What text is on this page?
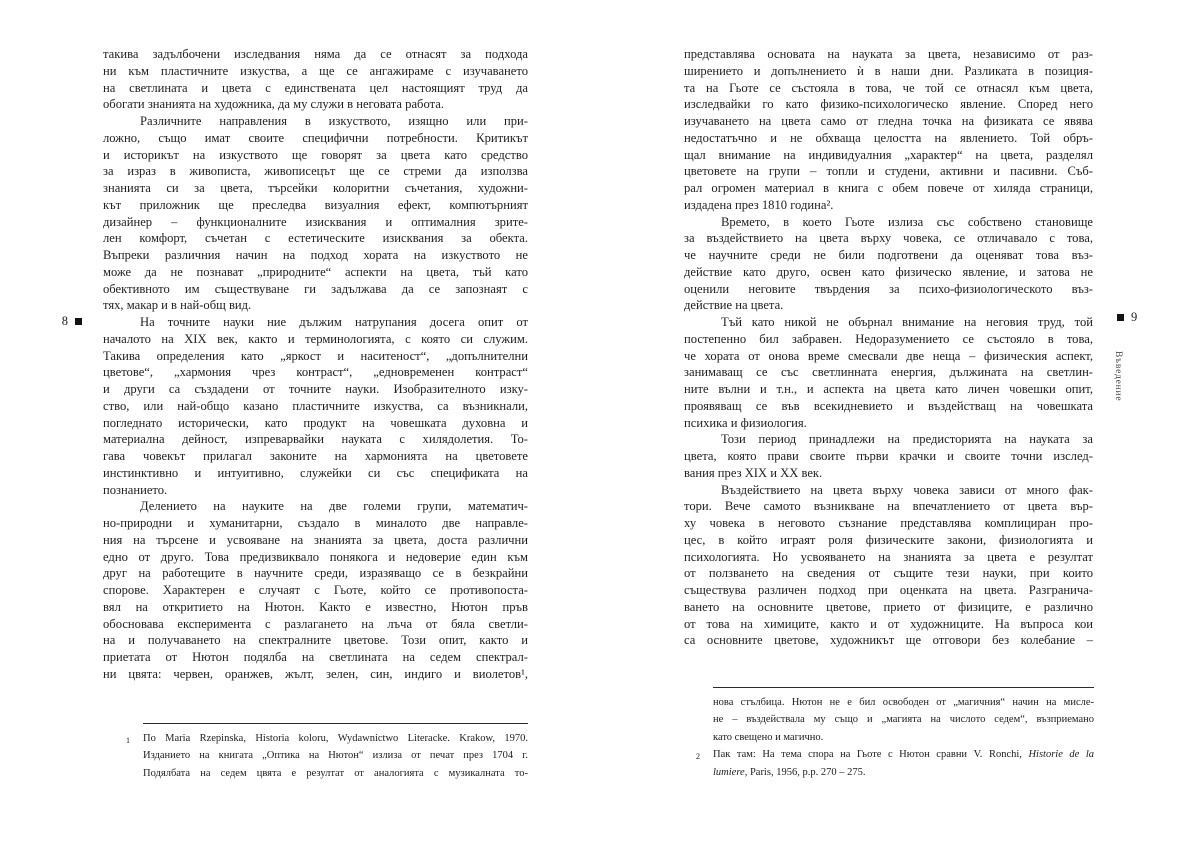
8
такива задълбочени изследвания няма да се отнасят за подхода
ни към пластичните изкуства, а ще се ангажираме с изучаването
на светлината и цвета с единствената цел настоящият труд да
обогати знанията на художника, да му служи в неговата работа.
Различните направления в изкуството, изящно или при-
ложно, също имат своите специфични потребности. Критикът
и историкът на изкуството ще говорят за цвета като средство
за израз в живописта, живописецът ще се стреми да използва
знанията си за цвета, търсейки колоритни съчетания, художни-
кът приложник ще преследва визуалния ефект, компютърният
дизайнер – функционалните изисквания и оптималния зрите-
лен комфорт, съчетан с естетическите изисквания за обекта.
Въпреки различния начин на подход хората на изкуството не
може да не познават „природните“ аспекти на цвета, тъй като
обективното им съществуване ги задължава да се запознаят с
тях, макар и в най-общ вид.
На точните науки ние дължим натрупания досега опит от
началото на XIX век, както и терминологията, с която си служим.
Такива определения като „яркост и наситеност“, „допълнителни
цветове“, „хармония чрез контраст“, „едновременен контраст“
и други са създадени от точните науки. Изобразителното изку-
ство, или най-общо казано пластичните изкуства, са възникнали,
погледнато исторически, като продукт на човешката духовна и
материална дейност, изпреварвайки науката с хилядолетия. То-
гава човекът прилагал законите на хармонията на цветовете
инстинктивно и интуитивно, служейки си със спецификата на
познанието.
Делението на науките на две големи групи, математич-
но-природни и хуманитарни, създало в миналото две направле-
ния на търсене и усвояване на знанията за цвета, доста различни
едно от друго. Това предизвиквало понякога и недоверие един към
друг на работещите в научните среди, изразяващо се в безкрайни
спорове. Характерен е случаят с Гьоте, който се противопоста-
вял на откритието на Нютон. Както е известно, Нютон пръв
обосновава експеримента с разлагането на лъча от бяла светли-
на и получаването на спектралните цветове. Този опит, както и
приетата от Нютон подялба на светлината на седем спектрал-
ни цвята: червен, оранжев, жълт, зелен, син, индиго и виолетов¹,
1	По Maria Rzepinska, Historia koloru, Wydawnictwo Literacke. Krakow, 1970.
Изданието на книгата „Оптика на Нютон“ излиза от печат през 1704 г.
Подялбата на седем цвята е резултат от аналогията с музикалната то-
9
Въведение
представлява основата на науката за цвета, независимо от раз-
ширението и допълнението ѝ в наши дни. Разликата в позиция-
та на Гьоте се състояла в това, че той се отнасял към цвета,
изследвайки го като физико-психологическо явление. Според него
изучаването на цвета само от гледна точка на физиката се явява
недостатъчно и не обхваща целостта на явлението. Той обръ-
щал внимание на индивидуалния „характер“ на цвета, разделял
цветовете на групи – топли и студени, активни и пасивни. Съб-
рал огромен материал в книга с обем повече от хиляда страници,
издадена през 1810 година².
Времето, в което Гьоте излиза със собствено становище
за въздействието на цвета върху човека, се отличавало с това,
че научните среди не били подготвени да оценяват това въз-
действие като друго, освен като физическо явление, и затова не
оценили неговите твърдения за психо-физиологическото въз-
действие на цвета.
Тъй като никой не обърнал внимание на неговия труд, той
постепенно бил забравен. Недоразумението се състояло в това,
че хората от онова време смесвали две неща – физическия аспект,
занимаващ се със светлинната енергия, дължината на светлин-
ните вълни и т.н., и аспекта на цвета като личен човешки опит,
проявяващ се във всекидневието и въздействащ на човешката
психика и физиология.
Този период принадлежи на предисторията на науката за
цвета, която прави своите първи крачки и своите точни изслед-
вания през XIX и XX век.
Въздействието на цвета върху човека зависи от много фак-
тори. Вече самото възникване на впечатлението от цвета вър-
ху човека в неговото съзнание представлява комплициран про-
цес, в който играят роля физическите закони, физиологията и
психологията. Но усвояването на знанията за цвета е резултат
от ползването на сведения от същите тези науки, при които
съществува различен подход при оценката на цвета. Разгранича-
ването на основните цветове, прието от физиците, е различно
от това на химиците, както и от художниците. На въпроса кои
са основните цветове, художникът ще отговори без колебание –
нова стълбица. Нютон не е бил освободен от „магичния“ начин на мисле-
не – въздействала му също и „магията на числото седем“, възприемано
като свещено и магично.
2	Пак там: На тема спора на Гьоте с Нютон сравни V. Ronchi, Historie de la
lumiere, Paris, 1956, p.p. 270 – 275.
